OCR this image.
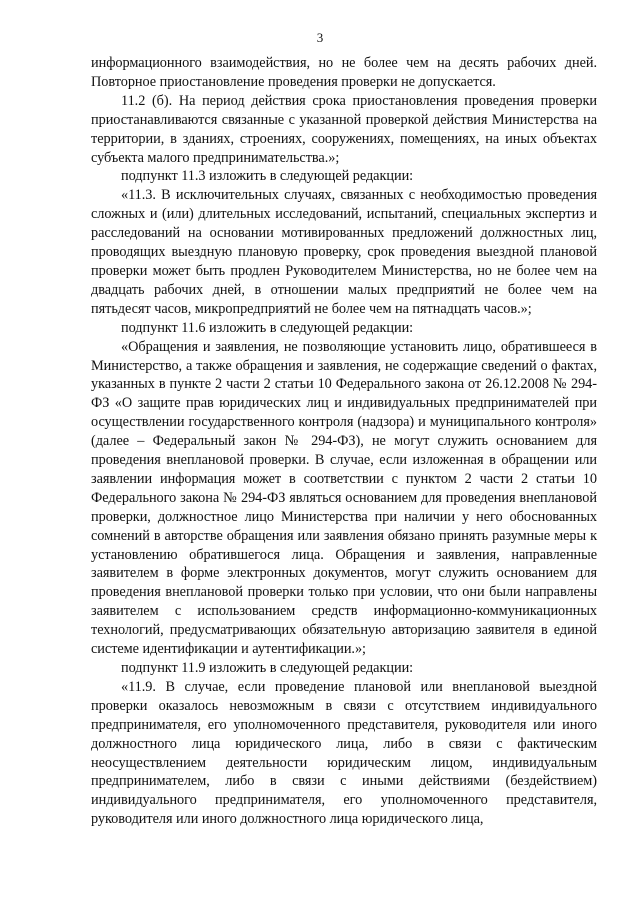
3

информационного взаимодействия, но не более чем на десять рабочих дней. Повторное приостановление проведения проверки не допускается.

11.2 (б). На период действия срока приостановления проведения проверки приостанавливаются связанные с указанной проверкой действия Министерства на территории, в зданиях, строениях, сооружениях, помещениях, на иных объектах субъекта малого предпринимательства.»;

подпункт 11.3 изложить в следующей редакции:

«11.3. В исключительных случаях, связанных с необходимостью проведения сложных и (или) длительных исследований, испытаний, специальных экспертиз и расследований на основании мотивированных предложений должностных лиц, проводящих выездную плановую проверку, срок проведения выездной плановой проверки может быть продлен Руководителем Министерства, но не более чем на двадцать рабочих дней, в отношении малых предприятий не более чем на пятьдесят часов, микропредприятий не более чем на пятнадцать часов.»;

подпункт 11.6 изложить в следующей редакции:

«Обращения и заявления, не позволяющие установить лицо, обратившееся в Министерство, а также обращения и заявления, не содержащие сведений о фактах, указанных в пункте 2 части 2 статьи 10 Федерального закона от 26.12.2008 № 294-ФЗ «О защите прав юридических лиц и индивидуальных предпринимателей при осуществлении государственного контроля (надзора) и муниципального контроля» (далее – Федеральный закон № 294-ФЗ), не могут служить основанием для проведения внеплановой проверки. В случае, если изложенная в обращении или заявлении информация может в соответствии с пунктом 2 части 2 статьи 10 Федерального закона № 294-ФЗ являться основанием для проведения внеплановой проверки, должностное лицо Министерства при наличии у него обоснованных сомнений в авторстве обращения или заявления обязано принять разумные меры к установлению обратившегося лица. Обращения и заявления, направленные заявителем в форме электронных документов, могут служить основанием для проведения внеплановой проверки только при условии, что они были направлены заявителем с использованием средств информационно-коммуникационных технологий, предусматривающих обязательную авторизацию заявителя в единой системе идентификации и аутентификации.»;

подпункт 11.9 изложить в следующей редакции:

«11.9. В случае, если проведение плановой или внеплановой выездной проверки оказалось невозможным в связи с отсутствием индивидуального предпринимателя, его уполномоченного представителя, руководителя или иного должностного лица юридического лица, либо в связи с фактическим неосуществлением деятельности юридическим лицом, индивидуальным предпринимателем, либо в связи с иными действиями (бездействием) индивидуального предпринимателя, его уполномоченного представителя, руководителя или иного должностного лица юридического лица,
